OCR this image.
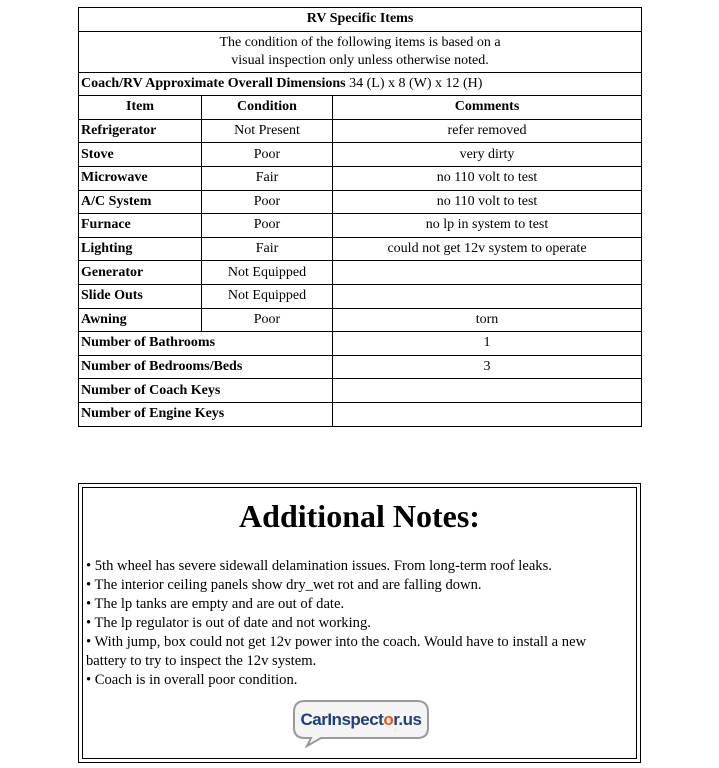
RV Specific Items		
The condition of the following items is based on a
visual inspection only unless otherwise noted.		
Coach/RV Approximate Overall Dimensions 34 (L) x 8 (W) x 12 (H)		
Item	Condition	Comments
Refrigerator	Not Present	refer removed
Stove	Poor	very dirty
Microwave	Fair	no 110 volt to test
A/C System	Poor	no 110 volt to test
Furnace	Poor	no lp in system to test
Lighting	Fair	could not get 12v system to operate
Generator	Not Equipped	
Slide Outs	Not Equipped	
Awning	Poor	torn
Number of Bathrooms		1
Number of Bedrooms/Beds		3
Number of Coach Keys		
Number of Engine Keys		
Additional Notes:
• 5th wheel has severe sidewall delamination issues. From long-term roof leaks.
• The interior ceiling panels show dry_wet rot and are falling down.
• The lp tanks are empty and are out of date.
• The lp regulator is out of date and not working.
• With jump, box could not get 12v power into the coach. Would have to install a new battery to try to inspect the 12v system.
• Coach is in overall poor condition.
CarInspector.us
